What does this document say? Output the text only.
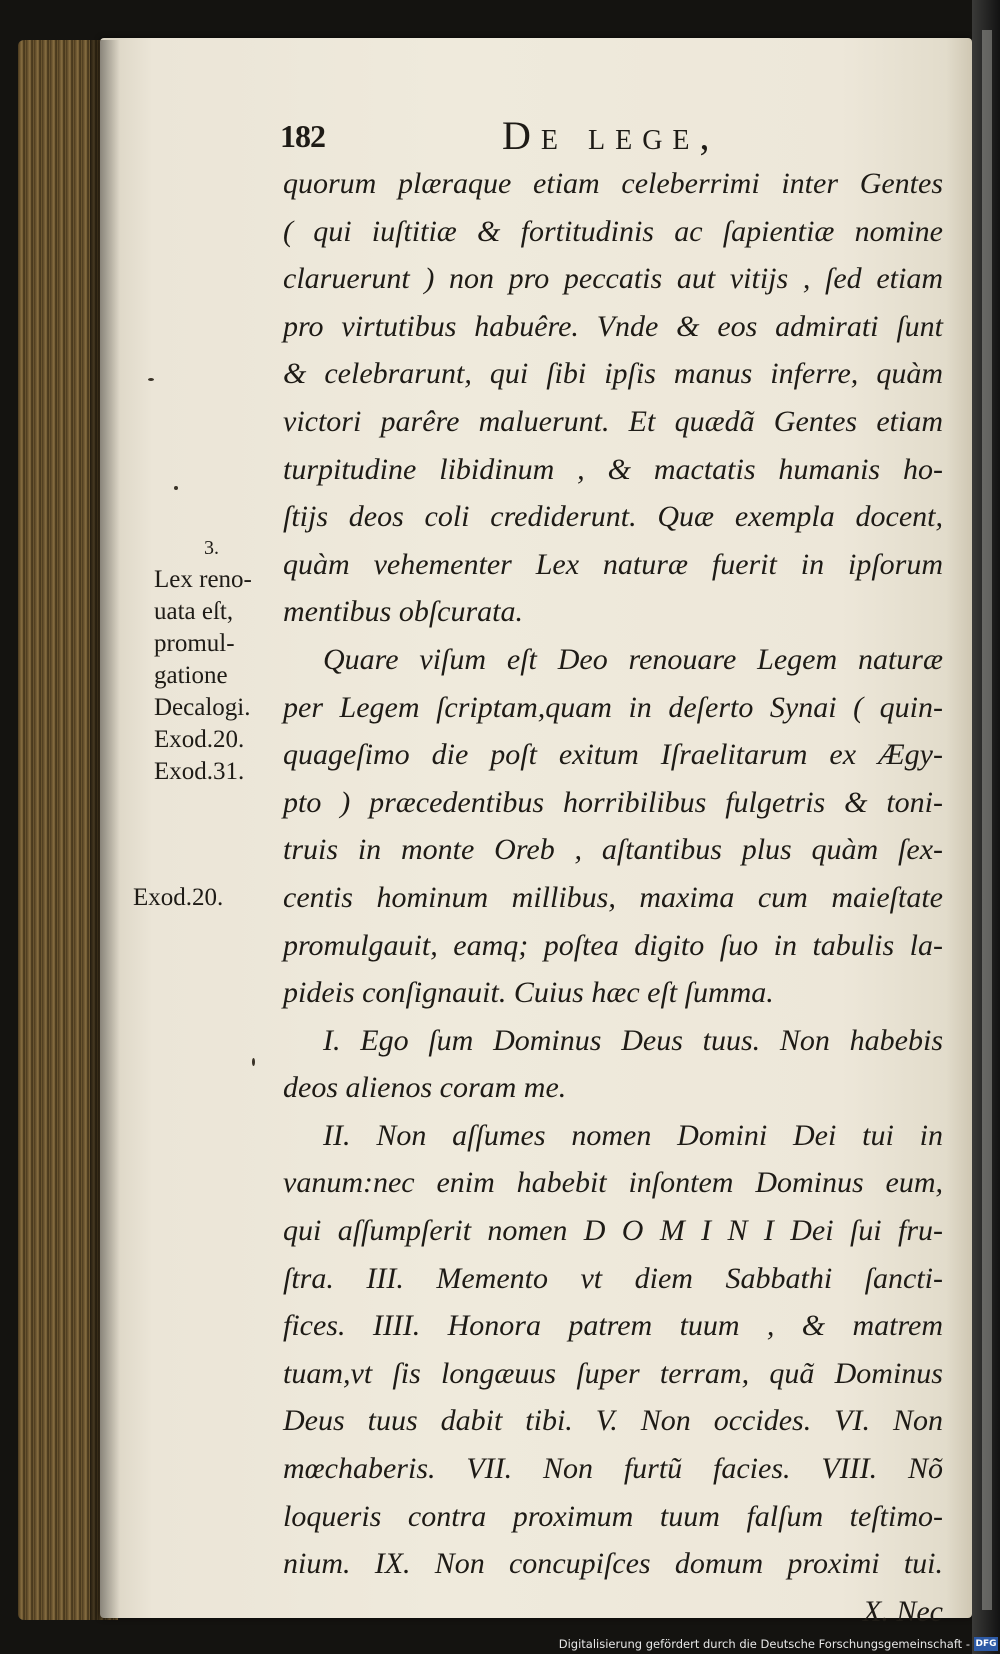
182	De lege,
quorum plæraque etiam celeberrimi inter Gentes
( qui iuſtitiæ & fortitudinis ac ſapientiæ nomine
claruerunt ) non pro peccatis aut vitijs , ſed etiam
pro virtutibus habuêre. Vnde & eos admirati ſunt
& celebrarunt, qui ſibi ipſis manus inferre, quàm
victori parêre maluerunt. Et quædã Gentes etiam
turpitudine libidinum , & mactatis humanis ho-
ſtijs deos coli crediderunt. Quæ exempla docent,
quàm vehementer Lex naturæ fuerit in ipſorum
mentibus obſcurata.
Quare viſum eſt Deo renouare Legem naturæ
per Legem ſcriptam,quam in deſerto Synai ( quin-
quageſimo die poſt exitum Iſraelitarum ex Ægy-
pto ) præcedentibus horribilibus fulgetris & toni-
truis in monte Oreb , aſtantibus plus quàm ſex-
centis hominum millibus, maxima cum maieſtate
promulgauit, eamq; poſtea digito ſuo in tabulis la-
pideis conſignauit. Cuius hæc eſt ſumma.
I. Ego ſum Dominus Deus tuus. Non habebis
deos alienos coram me.
II. Non aſſumes nomen Domini Dei tui in
vanum:nec enim habebit inſontem Dominus eum,
qui aſſumpſerit nomen D O M I N I Dei ſui fru-
ſtra. III. Memento vt diem Sabbathi ſancti-
fices. IIII. Honora patrem tuum , & matrem
tuam,vt ſis longæuus ſuper terram, quã Dominus
Deus tuus dabit tibi. V. Non occides. VI. Non
mœchaberis. VII. Non furtũ facies. VIII. Nõ
loqueris contra proximum tuum falſum teſtimo-
nium. IX. Non concupiſces domum proximi tui.
X. Nec
3.
Lex reno-
uata eſt,
promul-
gatione
Decalogi.
Exod.20.
Exod.31.
Exod.20.
Digitalisierung gefördert durch die Deutsche Forschungsgemeinschaft - DFG
